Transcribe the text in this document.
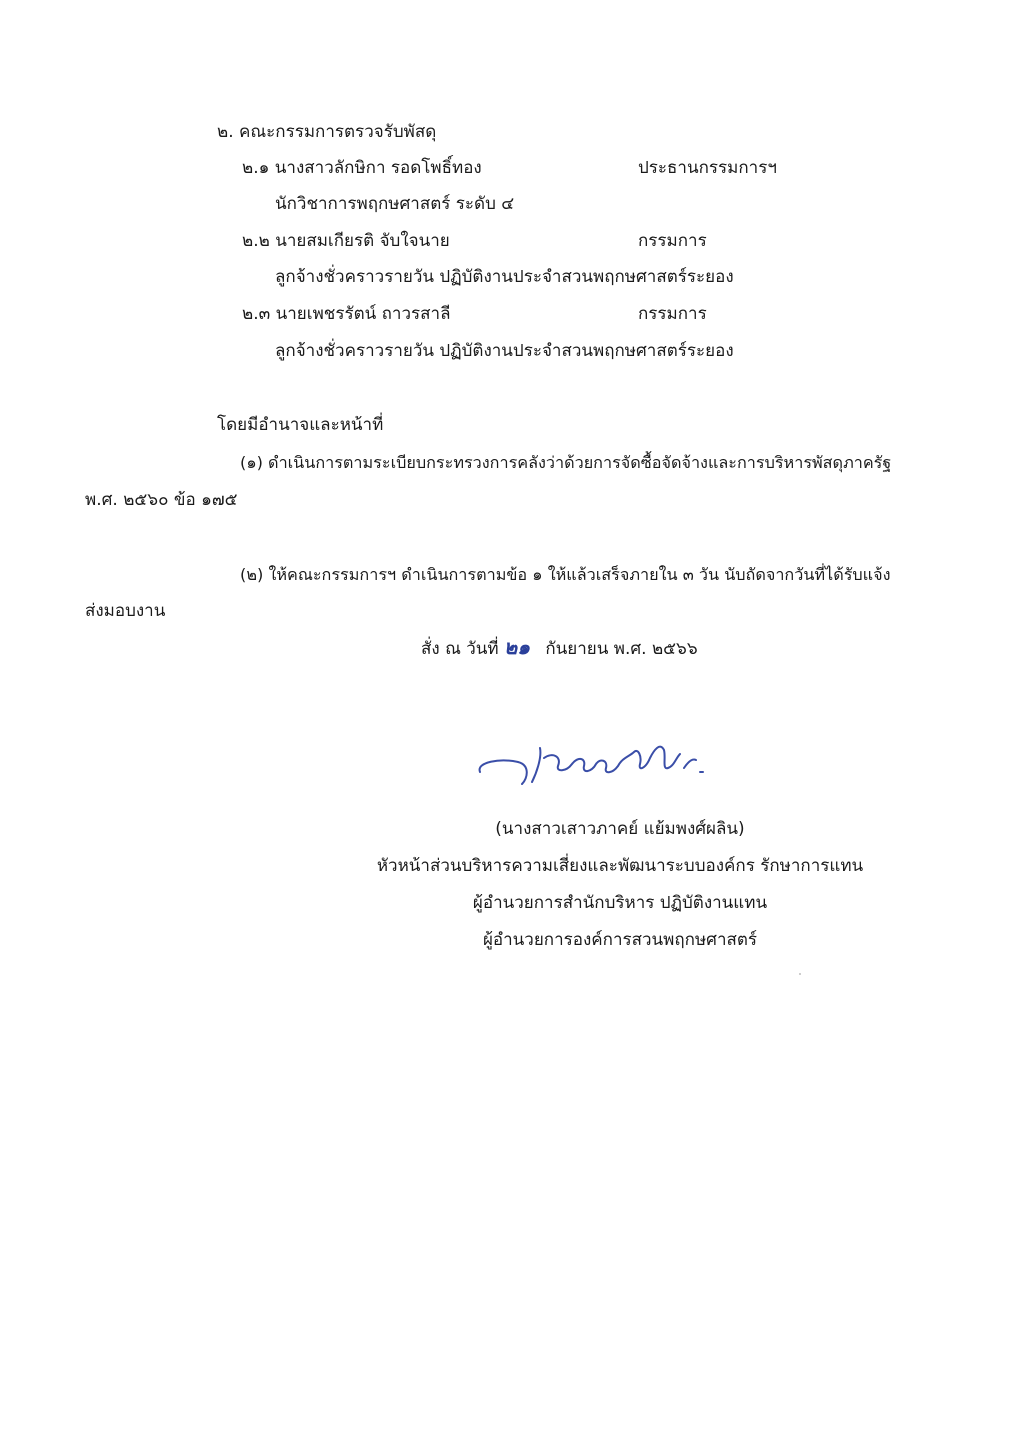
๒. คณะกรรมการตรวจรับพัสดุ
๒.๑ นางสาวลักษิกา รอดโพธิ์ทอง	ประธานกรรมการฯ
นักวิชาการพฤกษศาสตร์ ระดับ ๔
๒.๒ นายสมเกียรติ จับใจนาย	กรรมการ
ลูกจ้างชั่วคราวรายวัน ปฏิบัติงานประจำสวนพฤกษศาสตร์ระยอง
๒.๓ นายเพชรรัตน์ ถาวรสาลี	กรรมการ
ลูกจ้างชั่วคราวรายวัน ปฏิบัติงานประจำสวนพฤกษศาสตร์ระยอง
โดยมีอำนาจและหน้าที่
(๑) ดำเนินการตามระเบียบกระทรวงการคลังว่าด้วยการจัดซื้อจัดจ้างและการบริหารพัสดุภาครัฐ
พ.ศ. ๒๕๖๐ ข้อ ๑๗๕
(๒) ให้คณะกรรมการฯ ดำเนินการตามข้อ ๑ ให้แล้วเสร็จภายใน ๓ วัน นับถัดจากวันที่ได้รับแจ้ง
ส่งมอบงาน
สั่ง ณ วันที่ ๒๑ กันยายน พ.ศ. ๒๕๖๖
(นางสาวเสาวภาคย์ แย้มพงศ์ผลิน)
หัวหน้าส่วนบริหารความเสี่ยงและพัฒนาระบบองค์กร รักษาการแทน
ผู้อำนวยการสำนักบริหาร ปฏิบัติงานแทน
ผู้อำนวยการองค์การสวนพฤกษศาสตร์
